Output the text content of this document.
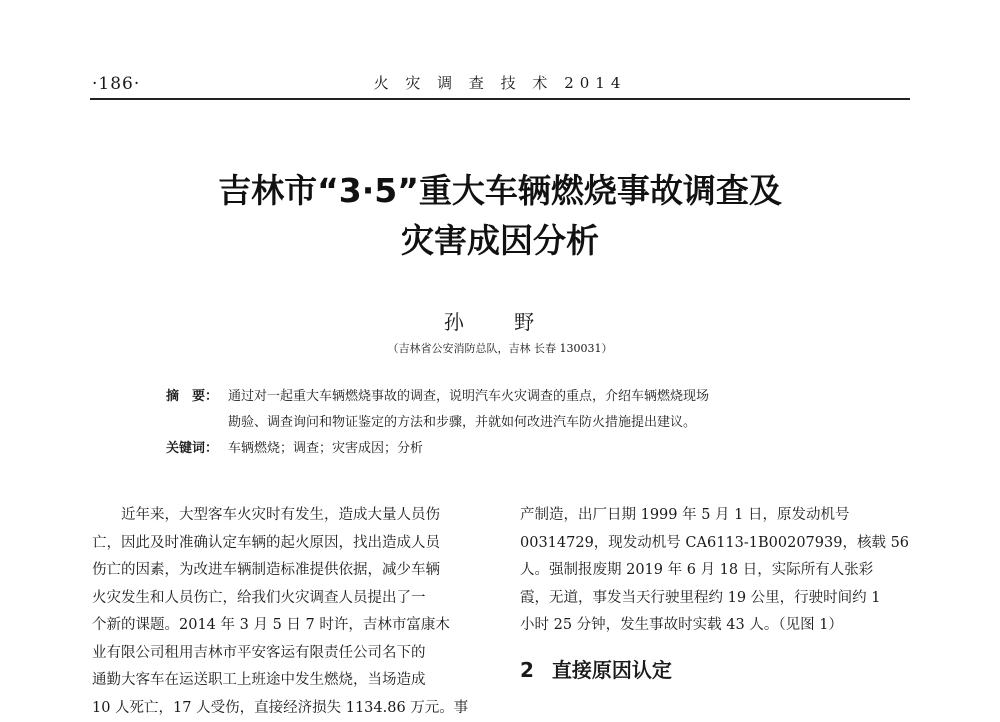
·186·	火 灾 调 查 技 术 2014
吉林市“3·5”重大车辆燃烧事故调查及
灾害成因分析
孙 野
（吉林省公安消防总队，吉林 长春 130031）
摘　要： 通过对一起重大车辆燃烧事故的调查，说明汽车火灾调查的重点，介绍车辆燃烧现场
勘验、调查询问和物证鉴定的方法和步骤，并就如何改进汽车防火措施提出建议。
关键词： 车辆燃烧；调查；灾害成因；分析
　　近年来，大型客车火灾时有发生，造成大量人员伤
亡，因此及时准确认定车辆的起火原因，找出造成人员
伤亡的因素，为改进车辆制造标准提供依据，减少车辆
火灾发生和人员伤亡，给我们火灾调查人员提出了一
个新的课题。2014 年 3 月 5 日 7 时许，吉林市富康木
业有限公司租用吉林市平安客运有限责任公司名下的
通勤大客车在运送职工上班途中发生燃烧，当场造成
10 人死亡，17 人受伤，直接经济损失 1134.86 万元。事
产制造，出厂日期 1999 年 5 月 1 日，原发动机号
00314729，现发动机号 CA6113-1B00207939，核载 56
人。强制报废期 2019 年 6 月 18 日，实际所有人张彩
霞，无道，事发当天行驶里程约 19 公里，行驶时间约 1
小时 25 分钟，发生事故时实载 43 人。（见图 1）
2 直接原因认定
